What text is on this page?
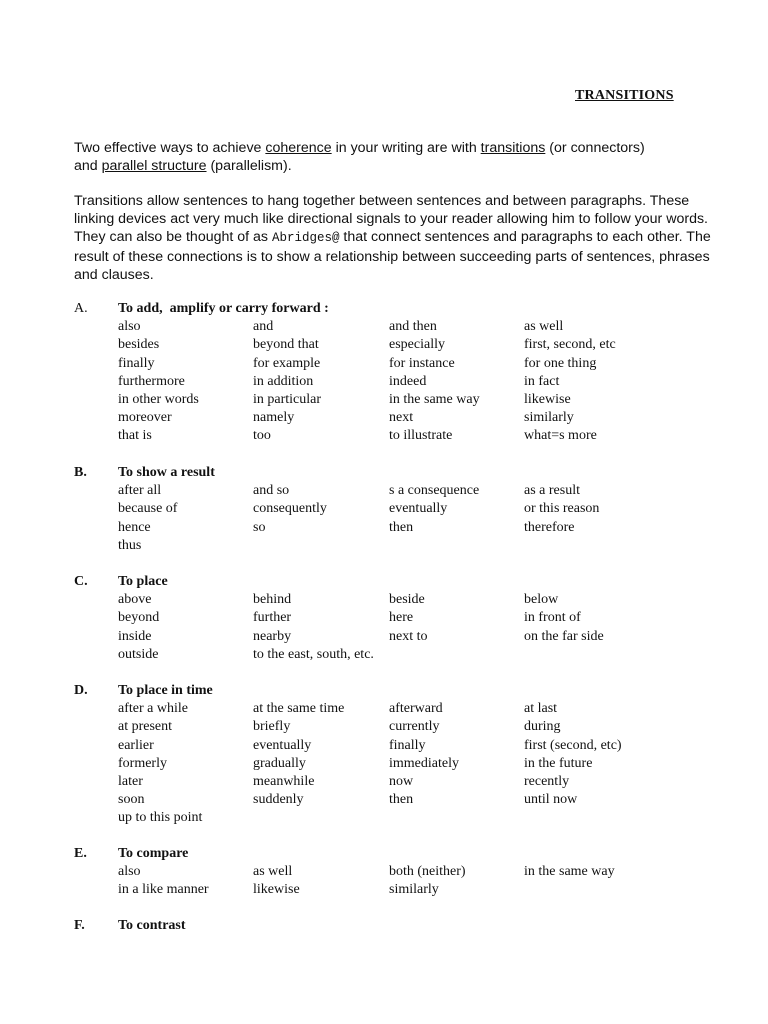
TRANSITIONS

Two effective ways to achieve coherence in your writing are with transitions (or connectors)
and parallel structure (parallelism).

Transitions allow sentences to hang together between sentences and between paragraphs. These linking devices act very much like directional signals to your reader allowing him to follow your words. They can also be thought of as Abridges@ that connect sentences and paragraphs to each other. The result of these connections is to show a relationship between succeeding parts of sentences, phrases and clauses.

A. To add,  amplify or carry forward :
also	and	and then	as well
besides	beyond that	especially	first, second, etc
finally	for example	for instance	for one thing
furthermore	in addition	indeed	in fact
in other words	in particular	in the same way	likewise
moreover	namely	next	similarly
that is	too	to illustrate	what=s more
B. To show a result
after all	and so	s a consequence	as a result
because of	consequently	eventually	or this reason
hence	so	then	therefore
thus
C. To place
above	behind	beside	below
beyond	further	here	in front of
inside	nearby	next to	on the far side
outside	to the east, south, etc.
D. To place in time
after a while	at the same time	afterward	at last
at present	briefly	currently	during
earlier	eventually	finally	first (second, etc)
formerly	gradually	immediately	in the future
later	meanwhile	now	recently
soon	suddenly	then	until now
up to this point
E. To compare
also	as well	both (neither)	in the same way
in a like manner	likewise	similarly
F. To contrast
